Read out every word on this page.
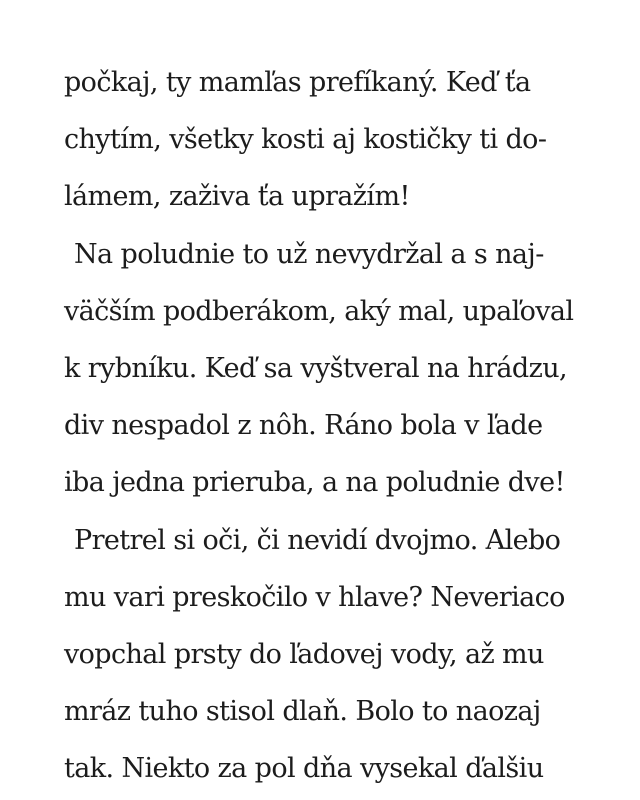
počkaj, ty mamľas prefíkaný. Keď ťa
chytím, všetky kosti aj kostičky ti do-
lámem, zaživa ťa upražím!
Na poludnie to už nevydržal a s naj-
väčším podberákom, aký mal, upaľoval
k rybníku. Keď sa vyštveral na hrádzu,
div nespadol z nôh. Ráno bola v ľade
iba jedna prieruba, a na poludnie dve!
Pretrel si oči, či nevidí dvojmo. Alebo
mu vari preskočilo v hlave? Neveriaco
vopchal prsty do ľadovej vody, až mu
mráz tuho stisol dlaň. Bolo to naozaj
tak. Niekto za pol dňa vysekal ďalšiu
